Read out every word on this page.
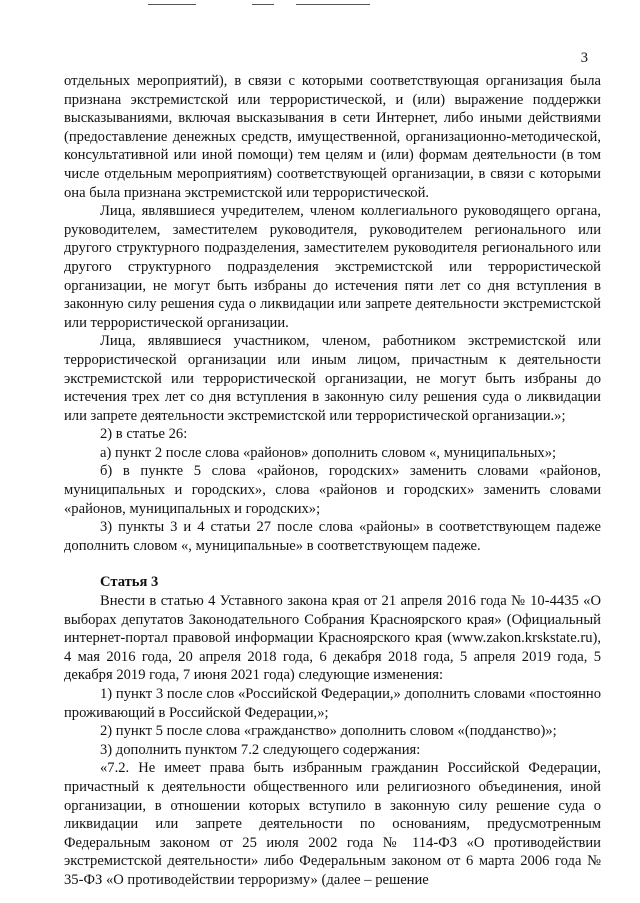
3

отдельных мероприятий), в связи с которыми соответствующая организация была признана экстремистской или террористической, и (или) выражение поддержки высказываниями, включая высказывания в сети Интернет, либо иными действиями (предоставление денежных средств, имущественной, организационно-методической, консультативной или иной помощи) тем целям и (или) формам деятельности (в том числе отдельным мероприятиям) соответствующей организации, в связи с которыми она была признана экстремистской или террористической.

Лица, являвшиеся учредителем, членом коллегиального руководящего органа, руководителем, заместителем руководителя, руководителем регионального или другого структурного подразделения, заместителем руководителя регионального или другого структурного подразделения экстремистской или террористической организации, не могут быть избраны до истечения пяти лет со дня вступления в законную силу решения суда о ликвидации или запрете деятельности экстремистской или террористической организации.

Лица, являвшиеся участником, членом, работником экстремистской или террористической организации или иным лицом, причастным к деятельности экстремистской или террористической организации, не могут быть избраны до истечения трех лет со дня вступления в законную силу решения суда о ликвидации или запрете деятельности экстремистской или террористической организации.»;

2) в статье 26:

а) пункт 2 после слова «районов» дополнить словом «, муниципальных»;

б) в пункте 5 слова «районов, городских» заменить словами «районов, муниципальных и городских», слова «районов и городских» заменить словами «районов, муниципальных и городских»;

3) пункты 3 и 4 статьи 27 после слова «районы» в соответствующем падеже дополнить словом «, муниципальные» в соответствующем падеже.

Статья 3

Внести в статью 4 Уставного закона края от 21 апреля 2016 года № 10-4435 «О выборах депутатов Законодательного Собрания Красноярского края» (Официальный интернет-портал правовой информации Красноярского края (www.zakon.krskstate.ru), 4 мая 2016 года, 20 апреля 2018 года, 6 декабря 2018 года, 5 апреля 2019 года, 5 декабря 2019 года, 7 июня 2021 года) следующие изменения:

1) пункт 3 после слов «Российской Федерации,» дополнить словами «постоянно проживающий в Российской Федерации,»;

2) пункт 5 после слова «гражданство» дополнить словом «(подданство)»;

3) дополнить пунктом 7.2 следующего содержания:

«7.2. Не имеет права быть избранным гражданин Российской Федерации, причастный к деятельности общественного или религиозного объединения, иной организации, в отношении которых вступило в законную силу решение суда о ликвидации или запрете деятельности по основаниям, предусмотренным Федеральным законом от 25 июля 2002 года № 114-ФЗ «О противодействии экстремистской деятельности» либо Федеральным законом от 6 марта 2006 года № 35-ФЗ «О противодействии терроризму» (далее – решение
